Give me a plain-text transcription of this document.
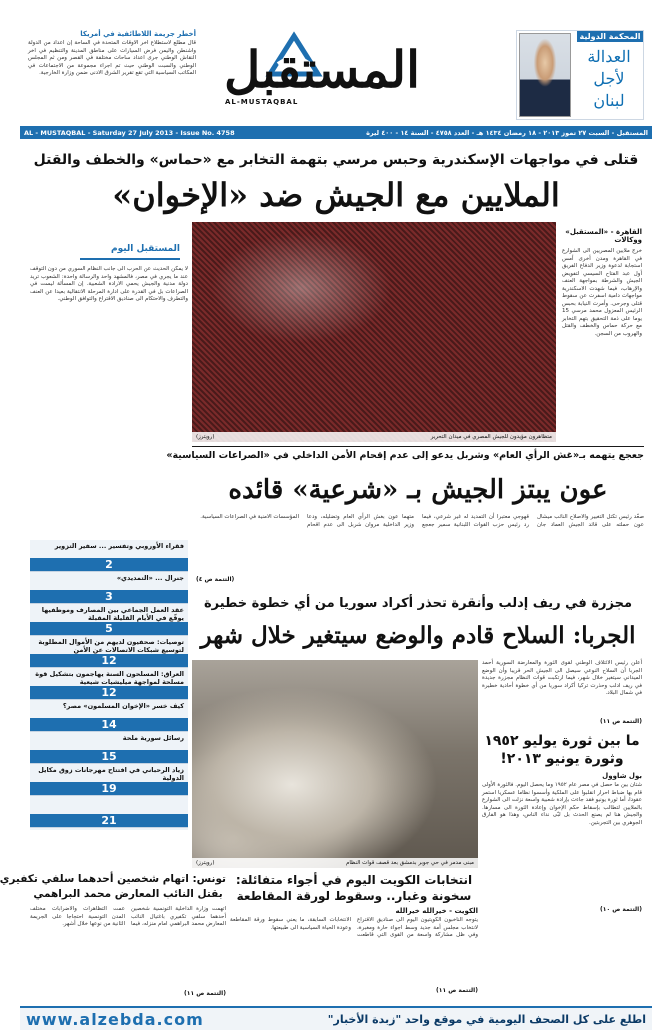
المحكمة الدولية
العدالة
لأجل
لبنان
المستقبل
AL-MUSTAQBAL
أخطر جريمة اللاطائفية في أمريكا
قال مطلع لاستطلاع اخر الاوقات المتحدة في الساحة إن اعداد من الدولة واشنطن واليمن فرض السيارات على مناطق المدينة والتنظيم في اخر النقاش الوطني جرى اعداد ساحات مختلفة في القصر ومن ثم المجلس الوطني والسبت الوطني حيث تم اجراء مجموعة من الاجتماعات في المكاتب السياسية التي تقع تقرير الشرق الادنى ضمن وزارة الخارجية.
AL - MUSTAQBAL - Saturday 27 July 2013 - Issue No. 4758	المستقبل - السبت ٢٧ تموز ٢٠١٣ - ١٨ رمضان ١٤٣٤ هـ - العدد ٤٧٥٨ - السنة ١٤ - ٤٠٠ ليرة
قتلى في مواجهات الإسكندرية وحبس مرسي بتهمة التخابر مع «حماس» والخطف والقتل
الملايين مع الجيش ضد «الإخوان»
متظاهرون مؤيدون للجيش المصري في ميدان التحرير
(رويترز)
القاهرة - «المستقبل» ووكالات
خرج ملايين المصريين الى الشوارع في القاهرة ومدن أخرى أمس استجابة لدعوة وزير الدفاع الفريق أول عبد الفتاح السيسي لتفويض الجيش والشرطة بمواجهة العنف والإرهاب، فيما شهدت الاسكندرية مواجهات دامية اسفرت عن سقوط قتلى وجرحى. وأمرت النيابة بحبس الرئيس المعزول محمد مرسي 15 يوما على ذمة التحقيق بتهم التخابر مع حركة حماس والخطف والقتل والهروب من السجن.
المستقبل اليوم
لا يمكن الحديث عن الحرب الى جانب النظام السوري من دون التوقف عند ما يجري في مصر، فالمشهد واحد والرسالة واحدة: الشعوب تريد دولة مدنية والجيش يحمي الارادة الشعبية. إن المسألة ليست في الصراعات بل في القدرة على ادارة المرحلة الانتقالية بعيدا عن العنف والتطرف والاحتكام الى صناديق الاقتراع والتوافق الوطني.
جعجع يتهمه بـ«غش الرأي العام» وشربل يدعو إلى عدم إقحام الأمن الداخلي في «الصراعات السياسية»
عون يبتز الجيش بـ «شرعية» قائده
صعّد رئيس تكتل التغيير والاصلاح النائب ميشال عون حملته على قائد الجيش العماد جان قهوجي معتبرا أن التمديد له غير شرعي، فيما رد رئيس حزب القوات اللبنانية سمير جعجع متهما عون بغش الرأي العام وتضليله، ودعا وزير الداخلية مروان شربل الى عدم اقحام المؤسسات الامنية في الصراعات السياسية.
(التتمة ص ٤)
فقراء الأوروبي وتفسير ... سفير التزوير
2
جنرال ... «التمديدي»
3
عقد العمل الجماعي بين المصارف وموظفيها يوقّع في الأيام القليلة المقبلة
5
توصيات: صحفيون لديهم من الأموال المطلوبة لتوسيع شبكات الاتصالات عن الأمن
12
العراق: المسلحون السنة يهاجمون بتشكيل قوة مسلحة لمواجهة ميليشيات شيعية
12
كيف خسر «الإخوان المسلمون» مصر؟
14
رسائل سورية ملحة
15
زياد الرحباني في افتتاح مهرجانات زوق مكايل الدولية
19
21
مجزرة في ريف إدلب وأنقرة تحذر أكراد سوريا من أي خطوة خطيرة
الجربا: السلاح قادم والوضع سيتغير خلال شهر
مبنى مدمر في حي جوبر بدمشق بعد قصف قوات النظام
(رويترز)
أعلن رئيس الائتلاف الوطني لقوى الثورة والمعارضة السورية أحمد الجربا أن السلاح النوعي سيصل الى الجيش الحر قريبا وأن الوضع الميداني سيتغير خلال شهر، فيما ارتكبت قوات النظام مجزرة جديدة في ريف ادلب وحذرت تركيا أكراد سوريا من أي خطوة أحادية خطيرة في شمال البلاد.
(التتمة ص ١١)
ما بين ثورة يوليو ١٩٥٢
وثورة يونيو ٢٠١٣!
بول شاوول
شتان بين ما حصل في مصر عام ١٩٥٢ وما يحصل اليوم. فالثورة الأولى قام بها ضباط احرار انقلبوا على الملكية وأسسوا نظاما عسكريا استمر عقودا، أما ثورة يونيو فقد جاءت بإرادة شعبية واسعة نزلت الى الشوارع بالملايين لتطالب بإسقاط حكم الإخوان وإعادة الثورة الى مسارها. والجيش هنا لم يصنع الحدث بل لبّى نداء الناس، وهذا هو الفارق الجوهري بين التجربتين.
(التتمة ص ١٠)
انتخابات الكويت اليوم في أجواء متفائلة:
سخونة وغبار.. وسقوط لورقة المقاطعة
الكويت - خيرالله خيرالله
يتوجه الناخبون الكويتيون اليوم الى صناديق الاقتراع لانتخاب مجلس أمة جديد وسط اجواء حارة ومغبرة، وفي ظل مشاركة واسعة من القوى التي قاطعت الانتخابات السابقة، ما يعني سقوط ورقة المقاطعة وعودة الحياة السياسية الى طبيعتها.
(التتمة ص ١١)
تونس: اتهام شخصين أحدهما سلفي تكفيري
بقتل النائب المعارض محمد البراهمي
اتهمت وزارة الداخلية التونسية شخصين أحدهما سلفي تكفيري باغتيال النائب المعارض محمد البراهمي امام منزله، فيما عمت التظاهرات والاضرابات مختلف المدن التونسية احتجاجا على الجريمة الثانية من نوعها خلال أشهر.
(التتمة ص ١١)
www.alzebda.com	اطلع على كل الصحف اليومية في موقع واحد "زبدة الأخبار"
